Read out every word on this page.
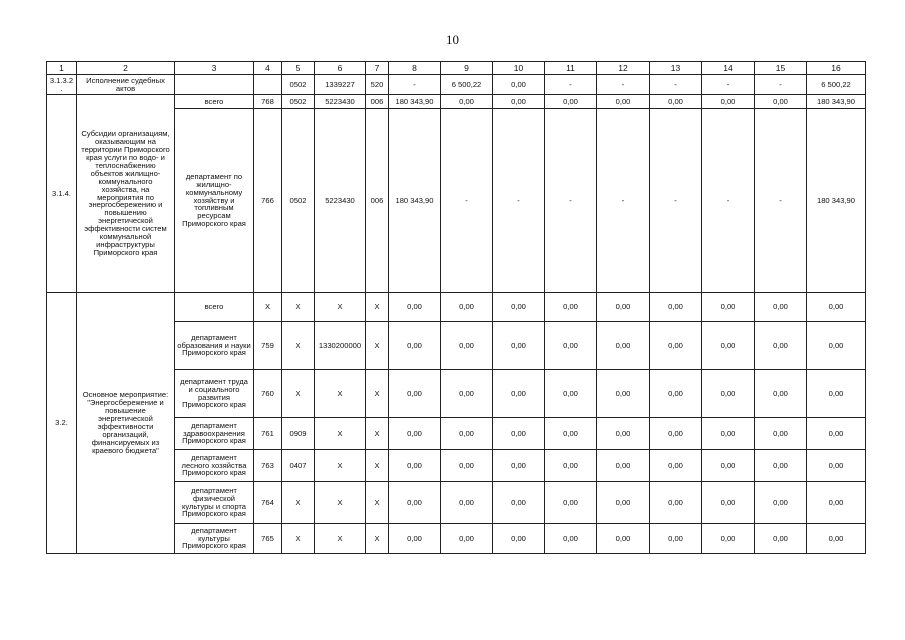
10
1	2	3	4	5	6	7	8	9	10	11	12	13	14	15	16
3.1.3.2.	Исполнение судебных актов			0502	1339227	520	-	6 500,22	0,00	-	-	-	-	-	6 500,22
3.1.4.	Субсидии организациям, оказывающим на территории Приморского края услуги по водо- и теплоснабжению объектов жилищно-коммунального хозяйства, на мероприятия по энергосбережению и повышению энергетической эффективности систем коммунальной инфраструктуры Приморского края	всего	768	0502	5223430	006	180 343,90	0,00	0,00	0,00	0,00	0,00	0,00	0,00	180 343,90
		департамент по жилищно-коммунальному хозяйству и топливным ресурсам Приморского края	766	0502	5223430	006	180 343,90	-	-	-	-	-	-	-	180 343,90
3.2.	Основное мероприятие: "Энергосбережение и повышение энергетической эффективности организаций, финансируемых из краевого бюджета"	всего	X	X	X	X	0,00	0,00	0,00	0,00	0,00	0,00	0,00	0,00	0,00
		департамент образования и науки Приморского края	759	X	1330200000	X	0,00	0,00	0,00	0,00	0,00	0,00	0,00	0,00	0,00
		департамент труда и социального развития Приморского края	760	X	X	X	0,00	0,00	0,00	0,00	0,00	0,00	0,00	0,00	0,00
		департамент здравоохранения Приморского края	761	0909	X	X	0,00	0,00	0,00	0,00	0,00	0,00	0,00	0,00	0,00
		департамент лесного хозяйства Приморского края	763	0407	X	X	0,00	0,00	0,00	0,00	0,00	0,00	0,00	0,00	0,00
		департамент физической культуры и спорта Приморского края	764	X	X	X	0,00	0,00	0,00	0,00	0,00	0,00	0,00	0,00	0,00
		департамент культуры Приморского края	765	X	X	X	0,00	0,00	0,00	0,00	0,00	0,00	0,00	0,00	0,00
